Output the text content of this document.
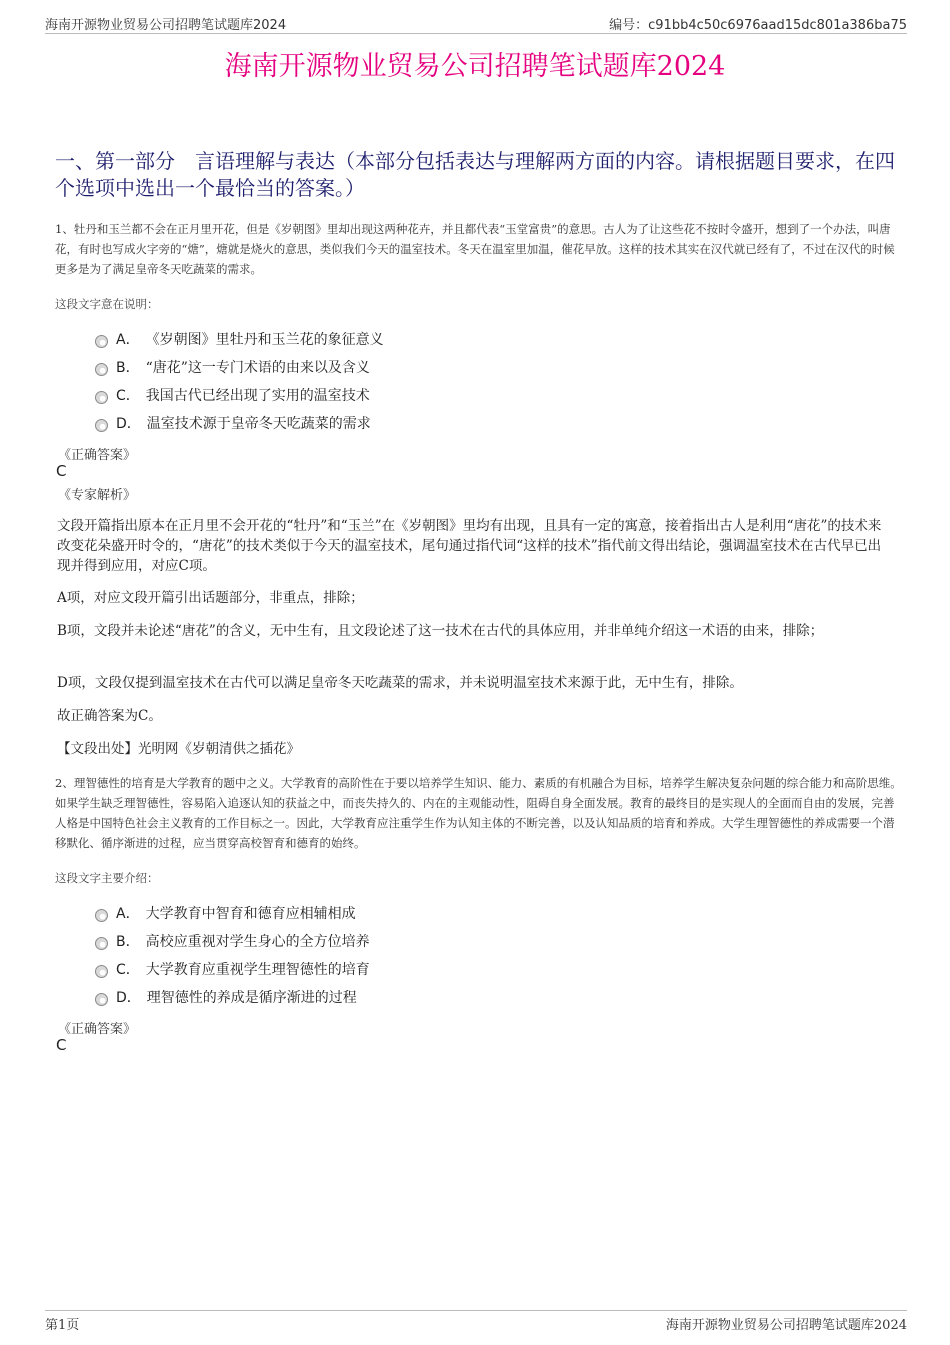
海南开源物业贸易公司招聘笔试题库2024	编号：c91bb4c50c6976aad15dc801a386ba75
海南开源物业贸易公司招聘笔试题库2024
一、第一部分　言语理解与表达（本部分包括表达与理解两方面的内容。请根据题目要求，在四个选项中选出一个最恰当的答案。）
1、牡丹和玉兰都不会在正月里开花，但是《岁朝图》里却出现这两种花卉，并且都代表“玉堂富贵”的意思。古人为了让这些花不按时令盛开，想到了一个办法，叫唐花，有时也写成火字旁的“煻”，煻就是烧火的意思，类似我们今天的温室技术。冬天在温室里加温，催花早放。这样的技术其实在汉代就已经有了，不过在汉代的时候更多是为了满足皇帝冬天吃蔬菜的需求。
这段文字意在说明：
A． 《岁朝图》里牡丹和玉兰花的象征意义
B． “唐花”这一专门术语的由来以及含义
C． 我国古代已经出现了实用的温室技术
D． 温室技术源于皇帝冬天吃蔬菜的需求
《正确答案》
C
《专家解析》
文段开篇指出原本在正月里不会开花的“牡丹”和“玉兰”在《岁朝图》里均有出现，且具有一定的寓意，接着指出古人是利用“唐花”的技术来改变花朵盛开时令的，“唐花”的技术类似于今天的温室技术，尾句通过指代词“这样的技术”指代前文得出结论，强调温室技术在古代早已出现并得到应用，对应C项。
A项，对应文段开篇引出话题部分，非重点，排除；
B项，文段并未论述“唐花”的含义，无中生有，且文段论述了这一技术在古代的具体应用，并非单纯介绍这一术语的由来，排除；
D项，文段仅提到温室技术在古代可以满足皇帝冬天吃蔬菜的需求，并未说明温室技术来源于此，无中生有，排除。
故正确答案为C。
【文段出处】光明网《岁朝清供之插花》
2、理智德性的培育是大学教育的题中之义。大学教育的高阶性在于要以培养学生知识、能力、素质的有机融合为目标，培养学生解决复杂问题的综合能力和高阶思维。如果学生缺乏理智德性，容易陷入追逐认知的获益之中，而丧失持久的、内在的主观能动性，阻碍自身全面发展。教育的最终目的是实现人的全面而自由的发展，完善人格是中国特色社会主义教育的工作目标之一。因此，大学教育应注重学生作为认知主体的不断完善，以及认知品质的培育和养成。大学生理智德性的养成需要一个潜移默化、循序渐进的过程，应当贯穿高校智育和德育的始终。
这段文字主要介绍：
A． 大学教育中智育和德育应相辅相成
B． 高校应重视对学生身心的全方位培养
C． 大学教育应重视学生理智德性的培育
D． 理智德性的养成是循序渐进的过程
《正确答案》
C
第1页	海南开源物业贸易公司招聘笔试题库2024
